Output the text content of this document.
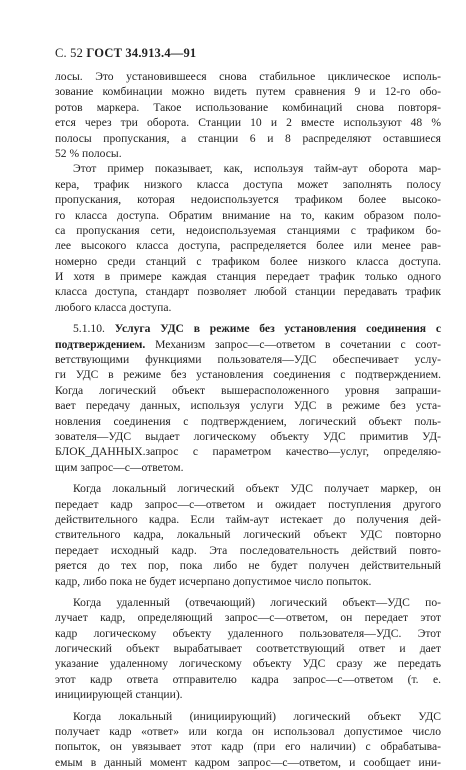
С. 52 ГОСТ 34.913.4—91
лосы. Это установившееся снова стабильное циклическое исполь-
зование комбинации можно видеть путем сравнения 9 и 12-го обо-
ротов маркера. Такое использование комбинаций снова повторя-
ется через три оборота. Станции 10 и 2 вместе используют 48 %
полосы пропускания, а станции 6 и 8 распределяют оставшиеся
52 % полосы.
Этот пример показывает, как, используя тайм-аут оборота мар-
кера, трафик низкого класса доступа может заполнять полосу
пропускания, которая недоиспользуется трафиком более высоко-
го класса доступа. Обратим внимание на то, каким образом поло-
са пропускания сети, недоиспользуемая станциями с трафиком бо-
лее высокого класса доступа, распределяется более или менее рав-
номерно среди станций с трафиком более низкого класса доступа.
И хотя в примере каждая станция передает трафик только одного
класса доступа, стандарт позволяет любой станции передавать трафик
любого класса доступа.
5.1.10. Услуга УДС в режиме без установления соединения с
подтверждением. Механизм запрос—с—ответом в сочетании с соот-
ветствующими функциями пользователя—УДС обеспечивает услу-
ги УДС в режиме без установления соединения с подтверждением.
Когда логический объект вышерасположенного уровня запраши-
вает передачу данных, используя услуги УДС в режиме без уста-
новления соединения с подтверждением, логический объект поль-
зователя—УДС выдает логическому объекту УДС примитив УД-
БЛОК_ДАННЫХ.запрос с параметром качество—услуг, определяю-
щим запрос—с—ответом.
Когда локальный логический объект УДС получает маркер, он
передает кадр запрос—с—ответом и ожидает поступления другого
действительного кадра. Если тайм-аут истекает до получения дей-
ствительного кадра, локальный логический объект УДС повторно
передает исходный кадр. Эта последовательность действий повто-
ряется до тех пор, пока либо не будет получен действительный
кадр, либо пока не будет исчерпано допустимое число попыток.
Когда удаленный (отвечающий) логический объект—УДС по-
лучает кадр, определяющий запрос—с—ответом, он передает этот
кадр логическому объекту удаленного пользователя—УДС. Этот
логический объект вырабатывает соответствующий ответ и дает
указание удаленному логическому объекту УДС сразу же передать
этот кадр ответа отправителю кадра запрос—с—ответом (т. е.
инициирующей станции).
Когда локальный (инициирующий) логический объект УДС
получает кадр «ответ» или когда он использовал допустимое число
попыток, он увязывает этот кадр (при его наличии) с обрабатыва-
емым в данный момент кадром запрос—с—ответом, и сообщает ини-
